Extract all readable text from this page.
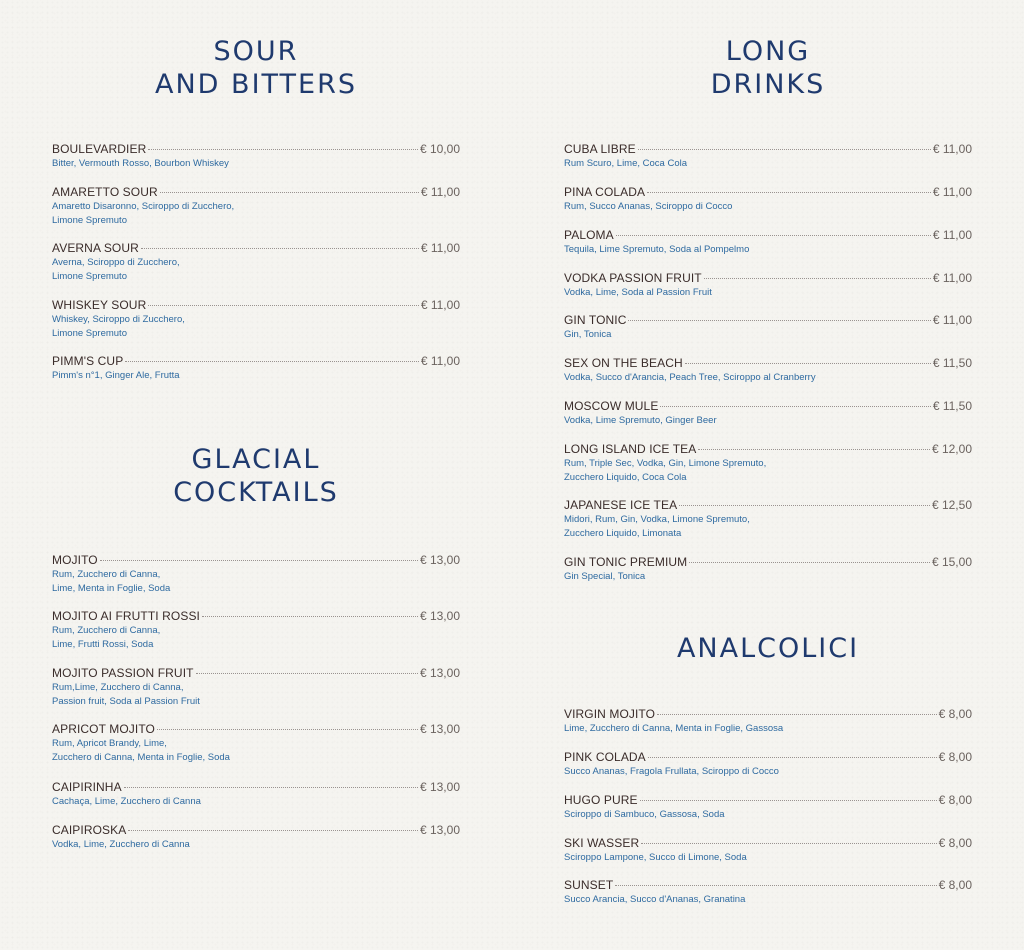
SOUR
AND BITTERS
BOULEVARDIER	€ 10,00
Bitter, Vermouth Rosso, Bourbon Whiskey
AMARETTO SOUR	€ 11,00
Amaretto Disaronno, Sciroppo di Zucchero,
Limone Spremuto
AVERNA SOUR	€ 11,00
Averna, Sciroppo di Zucchero,
Limone Spremuto
WHISKEY SOUR	€ 11,00
Whiskey, Sciroppo di Zucchero,
Limone Spremuto
PIMM'S CUP	€ 11,00
Pimm's n°1, Ginger Ale, Frutta
GLACIAL
COCKTAILS
MOJITO	€ 13,00
Rum, Zucchero di Canna,
Lime, Menta in Foglie, Soda
MOJITO AI FRUTTI ROSSI	€ 13,00
Rum, Zucchero di Canna,
Lime, Frutti Rossi, Soda
MOJITO PASSION FRUIT	€ 13,00
Rum,Lime, Zucchero di Canna,
Passion fruit, Soda al Passion Fruit
APRICOT MOJITO	€ 13,00
Rum, Apricot Brandy, Lime,
Zucchero di Canna, Menta in Foglie, Soda
CAIPIRINHA	€ 13,00
Cachaça, Lime, Zucchero di Canna
CAIPIROSKA	€ 13,00
Vodka, Lime, Zucchero di Canna
LONG
DRINKS
CUBA LIBRE	€ 11,00
Rum Scuro, Lime, Coca Cola
PINA COLADA	€ 11,00
Rum, Succo Ananas, Sciroppo di Cocco
PALOMA	€ 11,00
Tequila, Lime Spremuto, Soda al Pompelmo
VODKA PASSION FRUIT	€ 11,00
Vodka, Lime, Soda al Passion Fruit
GIN TONIC	€ 11,00
Gin, Tonica
SEX ON THE BEACH	€ 11,50
Vodka, Succo d'Arancia, Peach Tree, Sciroppo al Cranberry
MOSCOW MULE	€ 11,50
Vodka, Lime Spremuto, Ginger Beer
LONG ISLAND ICE TEA	€ 12,00
Rum, Triple Sec, Vodka, Gin, Limone Spremuto,
Zucchero Liquido, Coca Cola
JAPANESE ICE TEA	€ 12,50
Midori, Rum, Gin, Vodka, Limone Spremuto,
Zucchero Liquido, Limonata
GIN TONIC PREMIUM	€ 15,00
Gin Special, Tonica
ANALCOLICI
VIRGIN MOJITO	€ 8,00
Lime, Zucchero di Canna, Menta in Foglie, Gassosa
PINK COLADA	€ 8,00
Succo Ananas, Fragola Frullata, Sciroppo di Cocco
HUGO PURE	€ 8,00
Sciroppo di Sambuco, Gassosa, Soda
SKI WASSER	€ 8,00
Sciroppo Lampone, Succo di Limone, Soda
SUNSET	€ 8,00
Succo Arancia, Succo d'Ananas, Granatina
